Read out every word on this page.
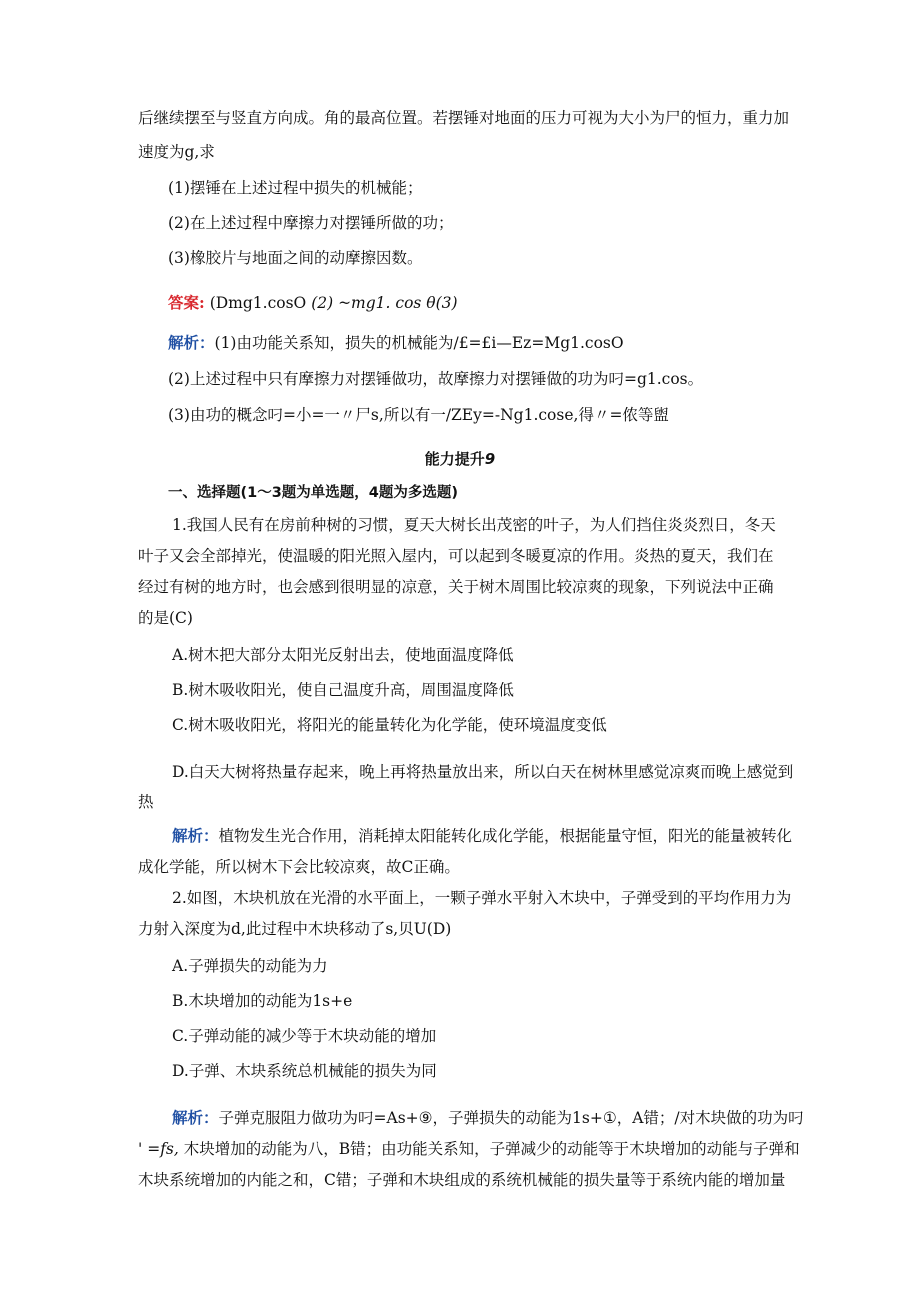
后继续摆至与竖直方向成。角的最高位置。若摆锤对地面的压力可视为大小为尸的恒力，重力加
速度为g,求
(1)摆锤在上述过程中损失的机械能；
(2)在上述过程中摩擦力对摆锤所做的功；
(3)橡胶片与地面之间的动摩擦因数。
答案: (Dmg1.cosO (2) ~mg1. cos θ(3)
解析：(1)由功能关系知，损失的机械能为/£=£i—Ez=Mg1.cosO
(2)上述过程中只有摩擦力对摆锤做功，故摩擦力对摆锤做的功为叼=g1.cos。
(3)由功的概念叼=小=一〃尸s,所以有一/ZEy=-Ng1.cose,得〃=侬等盥
能力提升9
一、选择题(1～3题为单选题，4题为多选题)
1.我国人民有在房前种树的习惯，夏天大树长出茂密的叶子，为人们挡住炎炎烈日，冬天
叶子又会全部掉光，使温暖的阳光照入屋内，可以起到冬暖夏凉的作用。炎热的夏天，我们在
经过有树的地方时，也会感到很明显的凉意，关于树木周围比较凉爽的现象，下列说法中正确
的是(C)
A.树木把大部分太阳光反射出去，使地面温度降低
B.树木吸收阳光，使自己温度升高，周围温度降低
C.树木吸收阳光，将阳光的能量转化为化学能，使环境温度变低
D.白天大树将热量存起来，晚上再将热量放出来，所以白天在树林里感觉凉爽而晚上感觉到
热
解析：植物发生光合作用，消耗掉太阳能转化成化学能，根据能量守恒，阳光的能量被转化
成化学能，所以树木下会比较凉爽，故C正确。
2.如图，木块机放在光滑的水平面上，一颗子弹水平射入木块中，子弹受到的平均作用力为
力射入深度为d,此过程中木块移动了s,贝U(D)
A.子弹损失的动能为力
B.木块增加的动能为1s+e
C.子弹动能的减少等于木块动能的增加
D.子弹、木块系统总机械能的损失为同
解析：子弹克服阻力做功为叼=As+⑨，子弹损失的动能为1s+①，A错；/对木块做的功为叼
' =fs, 木块增加的动能为八，B错；由功能关系知，子弹减少的动能等于木块增加的动能与子弹和
木块系统增加的内能之和，C错；子弹和木块组成的系统机械能的损失量等于系统内能的增加量
